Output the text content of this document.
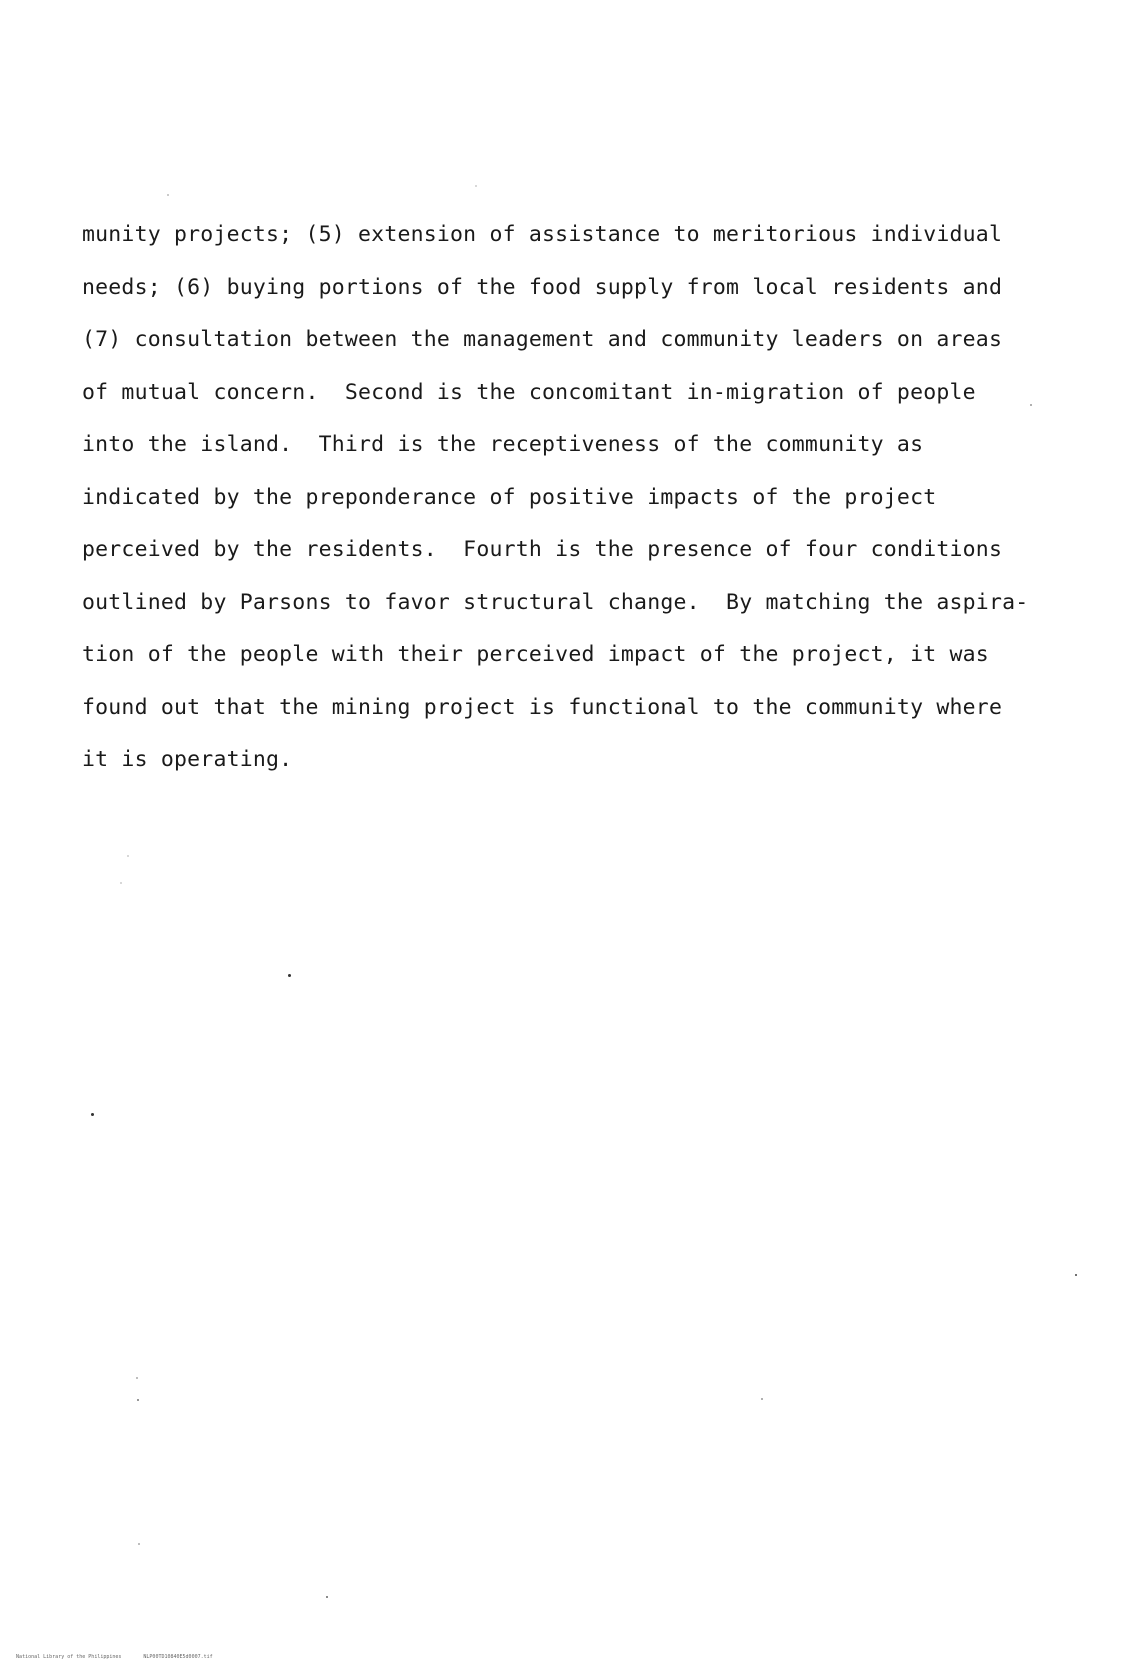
munity projects; (5) extension of assistance to meritorious individual
needs; (6) buying portions of the food supply from local residents and
(7) consultation between the management and community leaders on areas
of mutual concern.  Second is the concomitant in-migration of people
into the island.  Third is the receptiveness of the community as
indicated by the preponderance of positive impacts of the project
perceived by the residents.  Fourth is the presence of four conditions
outlined by Parsons to favor structural change.  By matching the aspira-
tion of the people with their perceived impact of the project, it was
found out that the mining project is functional to the community where
it is operating.

National Library of the Philippines	NLP00TD10840E5d0007.tif
